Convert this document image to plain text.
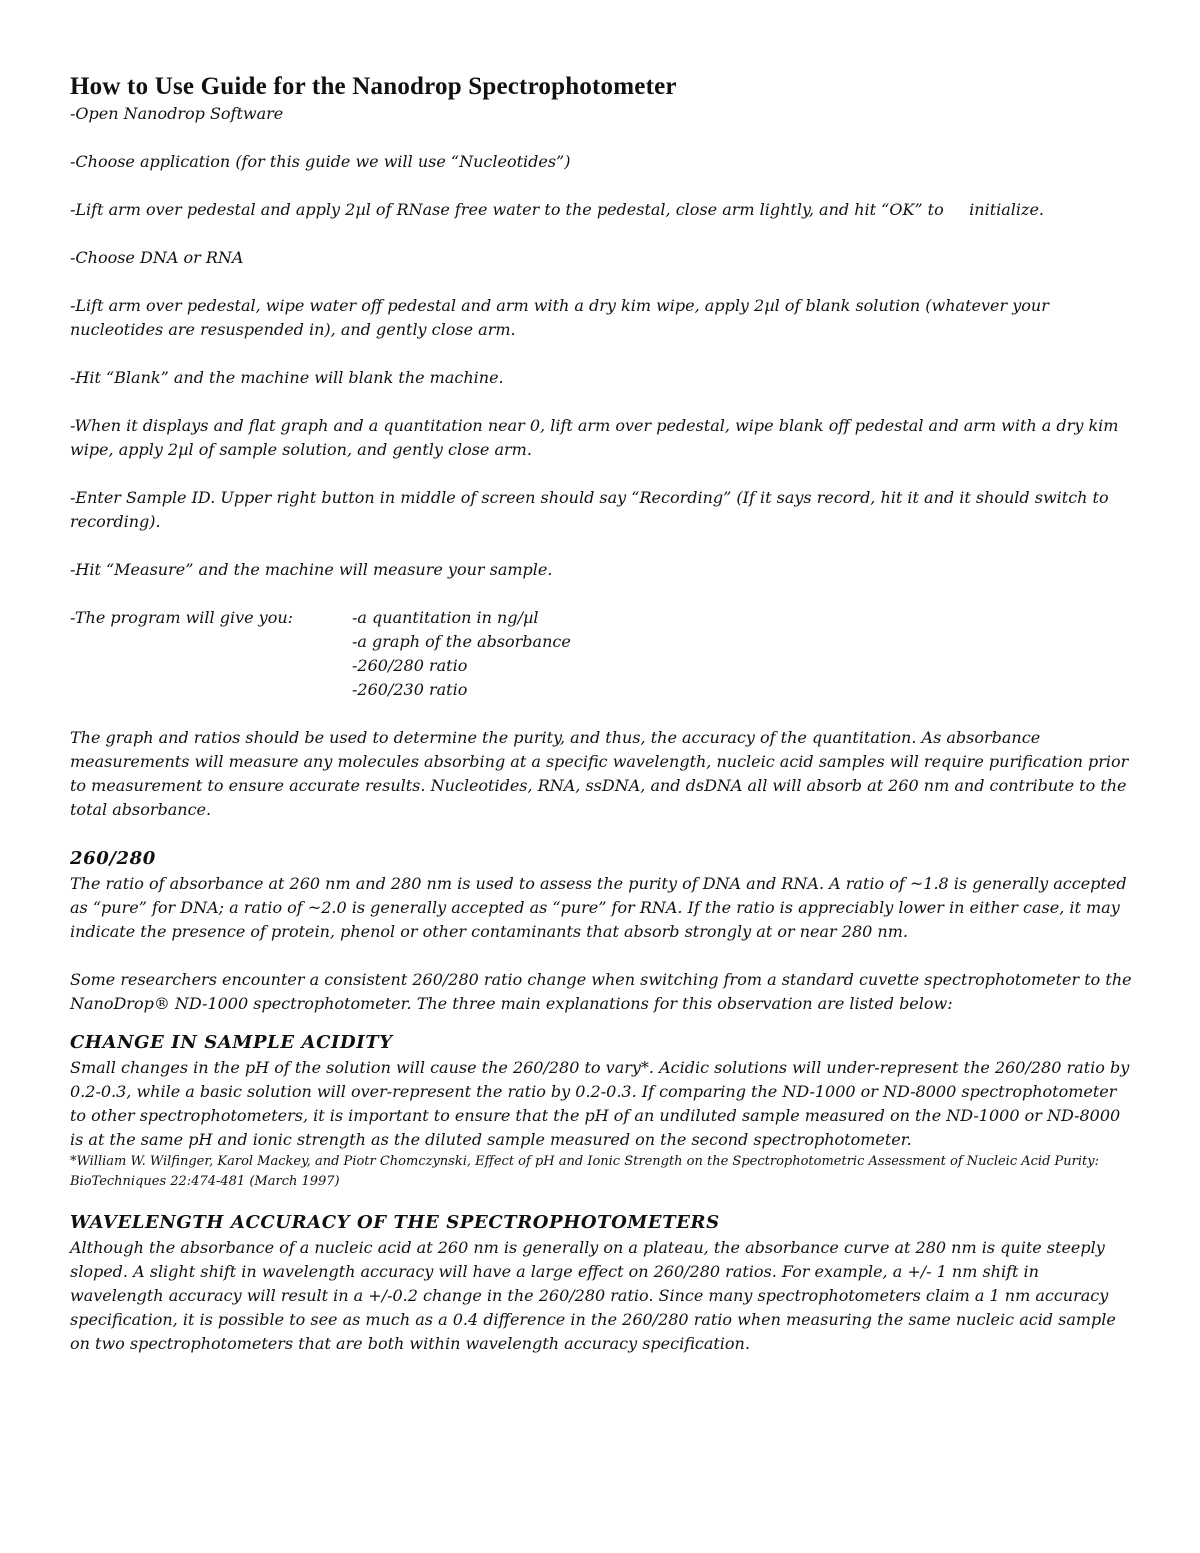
How to Use Guide for the Nanodrop Spectrophotometer

-Open Nanodrop Software

-Choose application (for this guide we will use “Nucleotides”)

-Lift arm over pedestal and apply 2µl of RNase free water to the pedestal, close arm lightly, and hit “OK” to     initialize.

-Choose DNA or RNA

-Lift arm over pedestal, wipe water off pedestal and arm with a dry kim wipe, apply 2µl of blank solution (whatever your nucleotides are resuspended in), and gently close arm.

-Hit “Blank” and the machine will blank the machine.

-When it displays and flat graph and a quantitation near 0, lift arm over pedestal, wipe blank off pedestal and arm with a dry kim wipe, apply 2µl of sample solution, and gently close arm.

-Enter Sample ID. Upper right button in middle of screen should say “Recording” (If it says record, hit it and it should switch to recording).

-Hit “Measure” and the machine will measure your sample.

-The program will give you:	-a quantitation in ng/µl
-a graph of the absorbance
-260/280 ratio
-260/230 ratio

The graph and ratios should be used to determine the purity, and thus, the accuracy of the quantitation. As absorbance measurements will measure any molecules absorbing at a specific wavelength, nucleic acid samples will require purification prior to measurement to ensure accurate results. Nucleotides, RNA, ssDNA, and dsDNA all will absorb at 260 nm and contribute to the total absorbance.

260/280

The ratio of absorbance at 260 nm and 280 nm is used to assess the purity of DNA and RNA. A ratio of ~1.8 is generally accepted as “pure” for DNA; a ratio of ~2.0 is generally accepted as “pure” for RNA. If the ratio is appreciably lower in either case, it may indicate the presence of protein, phenol or other contaminants that absorb strongly at or near 280 nm.

Some researchers encounter a consistent 260/280 ratio change when switching from a standard cuvette spectrophotometer to the NanoDrop® ND-1000 spectrophotometer. The three main explanations for this observation are listed below:

CHANGE IN SAMPLE ACIDITY

Small changes in the pH of the solution will cause the 260/280 to vary*. Acidic solutions will under-represent the 260/280 ratio by 0.2-0.3, while a basic solution will over-represent the ratio by 0.2-0.3. If comparing the ND-1000 or ND-8000 spectrophotometer to other spectrophotometers, it is important to ensure that the pH of an undiluted sample measured on the ND-1000 or ND-8000 is at the same pH and ionic strength as the diluted sample measured on the second spectrophotometer.

*William W. Wilfinger, Karol Mackey, and Piotr Chomczynski, Effect of pH and Ionic Strength on the Spectrophotometric Assessment of Nucleic Acid Purity: BioTechniques 22:474-481 (March 1997)

WAVELENGTH ACCURACY OF THE SPECTROPHOTOMETERS

Although the absorbance of a nucleic acid at 260 nm is generally on a plateau, the absorbance curve at 280 nm is quite steeply sloped. A slight shift in wavelength accuracy will have a large effect on 260/280 ratios. For example, a +/- 1 nm shift in wavelength accuracy will result in a +/-0.2 change in the 260/280 ratio. Since many spectrophotometers claim a 1 nm accuracy specification, it is possible to see as much as a 0.4 difference in the 260/280 ratio when measuring the same nucleic acid sample on two spectrophotometers that are both within wavelength accuracy specification.
